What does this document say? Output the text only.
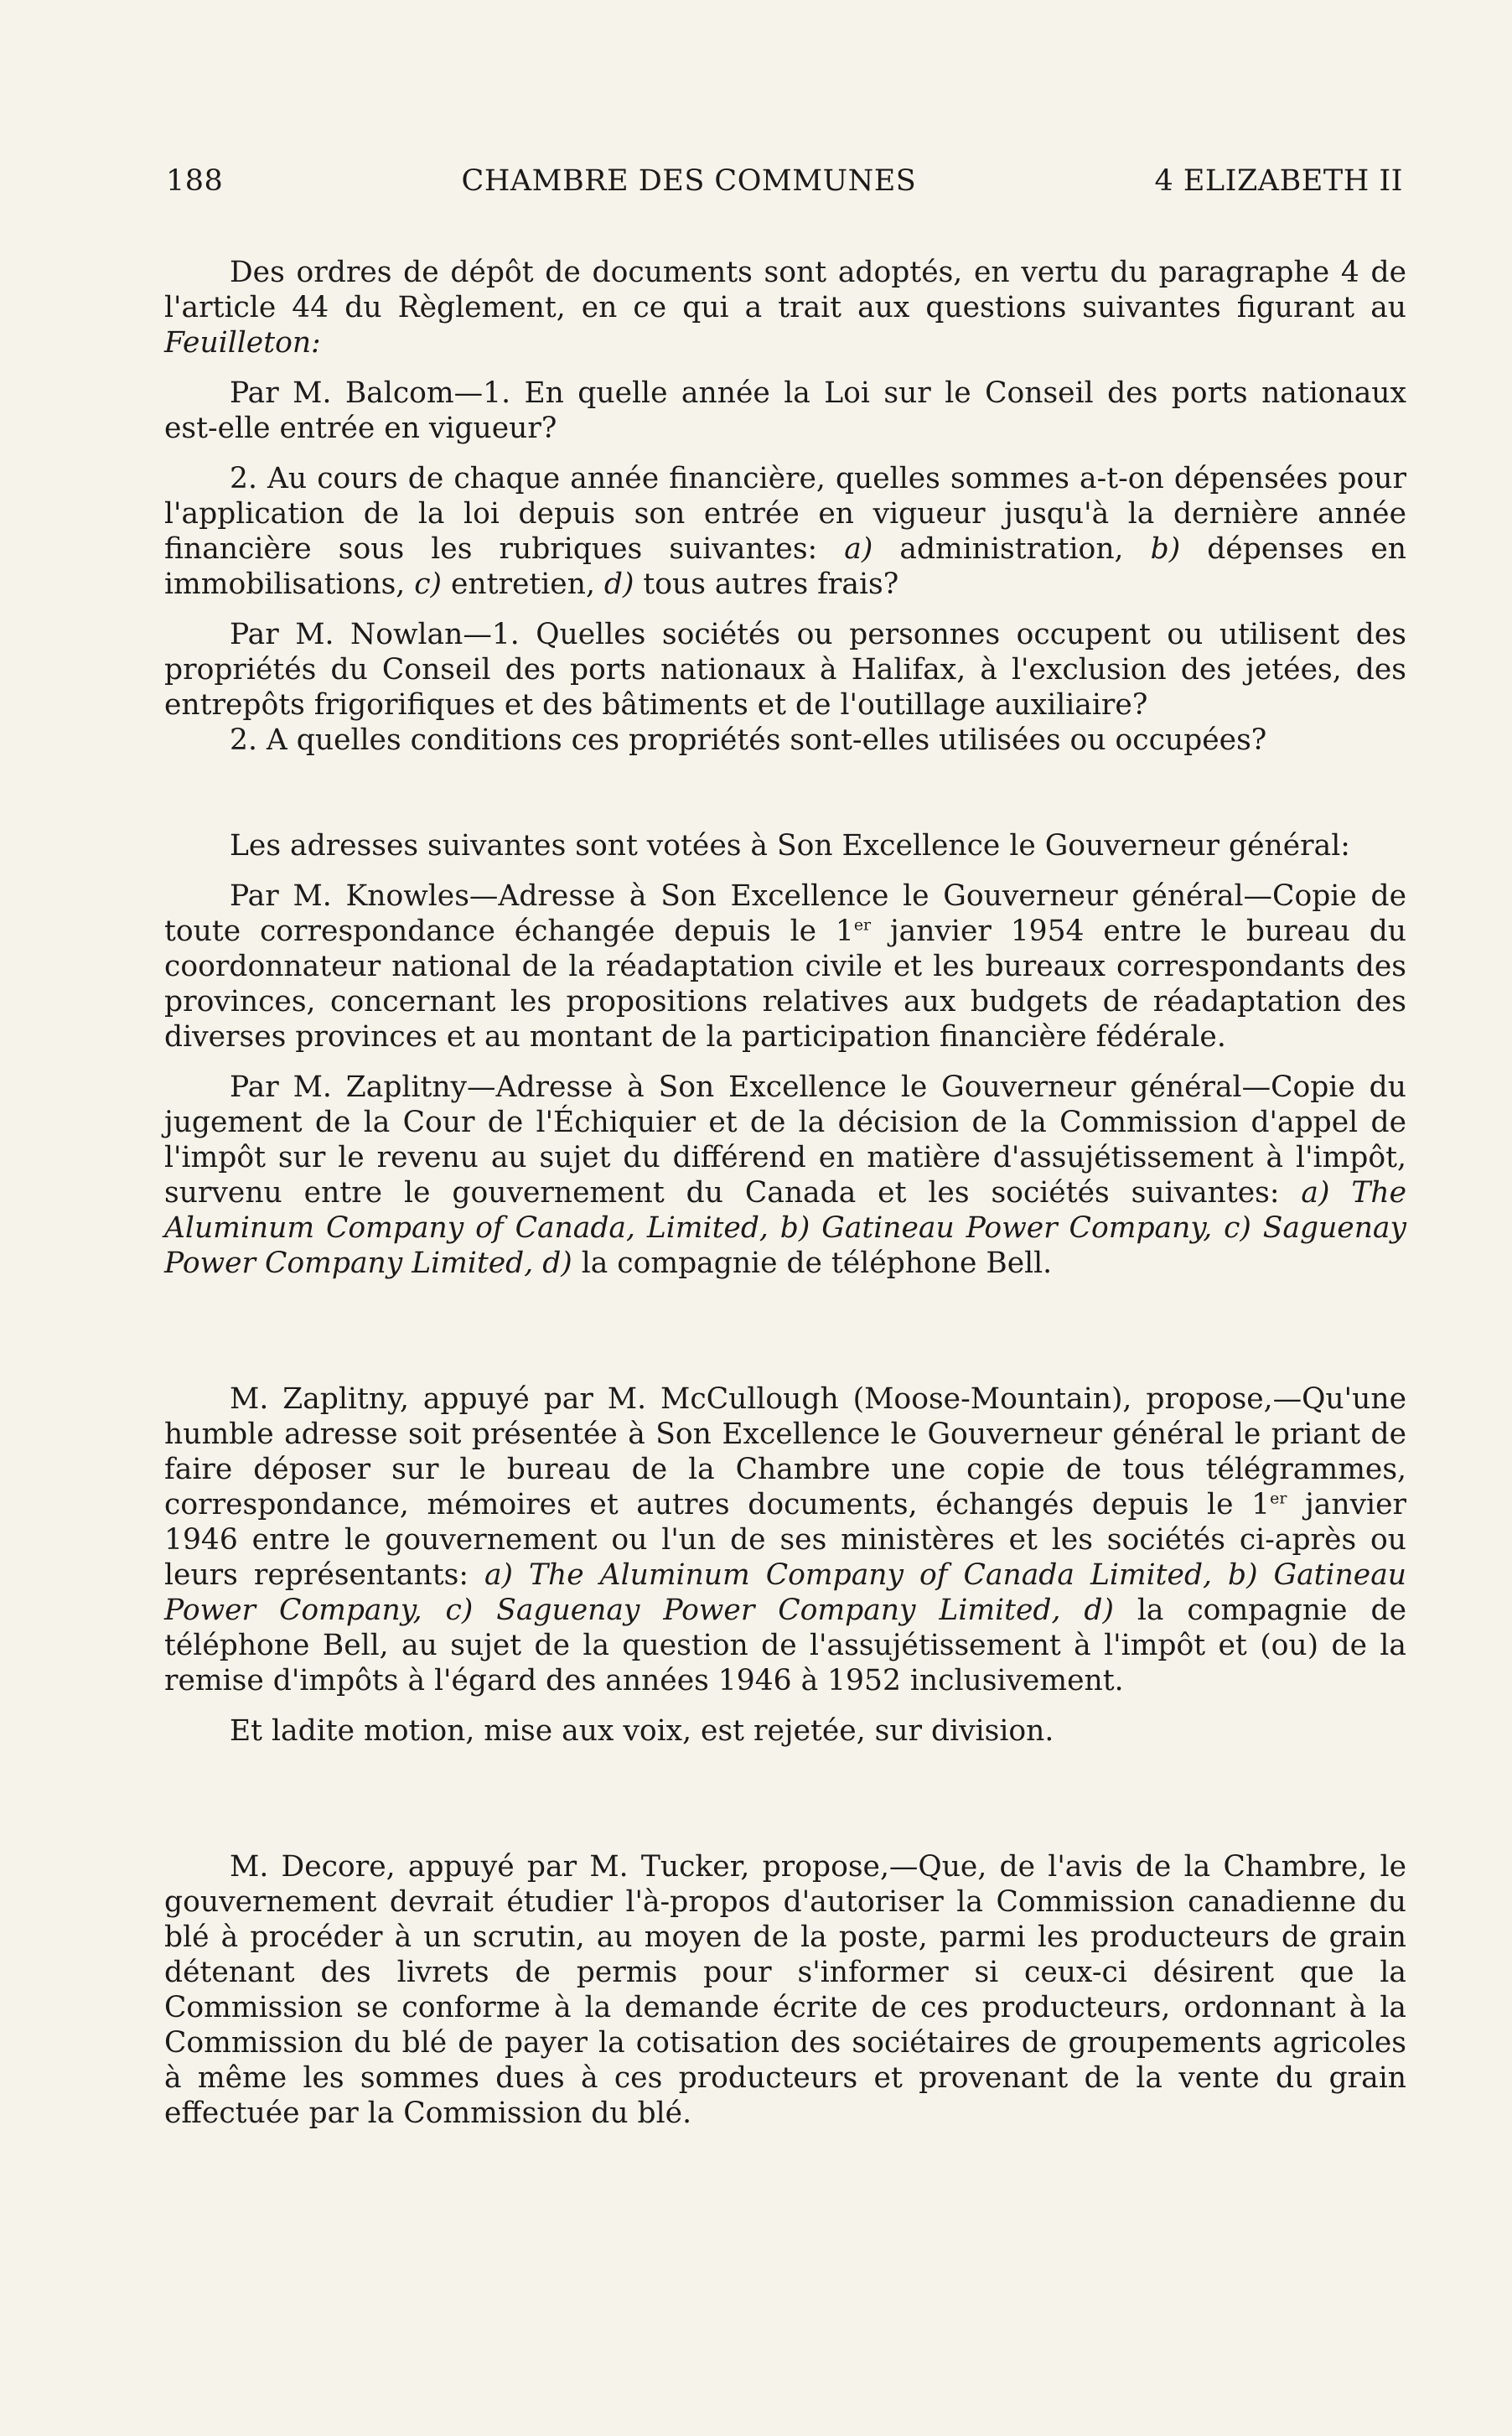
188	CHAMBRE DES COMMUNES	4 ELIZABETH II

Des ordres de dépôt de documents sont adoptés, en vertu du paragraphe 4 de l'article 44 du Règlement, en ce qui a trait aux questions suivantes figurant au Feuilleton:

Par M. Balcom—1. En quelle année la Loi sur le Conseil des ports nationaux est-elle entrée en vigueur?

2. Au cours de chaque année financière, quelles sommes a-t-on dépensées pour l'application de la loi depuis son entrée en vigueur jusqu'à la dernière année financière sous les rubriques suivantes: a) administration, b) dépenses en immobilisations, c) entretien, d) tous autres frais?

Par M. Nowlan—1. Quelles sociétés ou personnes occupent ou utilisent des propriétés du Conseil des ports nationaux à Halifax, à l'exclusion des jetées, des entrepôts frigorifiques et des bâtiments et de l'outillage auxiliaire?

2. A quelles conditions ces propriétés sont-elles utilisées ou occupées?

Les adresses suivantes sont votées à Son Excellence le Gouverneur général:

Par M. Knowles—Adresse à Son Excellence le Gouverneur général—Copie de toute correspondance échangée depuis le 1er janvier 1954 entre le bureau du coordonnateur national de la réadaptation civile et les bureaux correspondants des provinces, concernant les propositions relatives aux budgets de réadaptation des diverses provinces et au montant de la participation financière fédérale.

Par M. Zaplitny—Adresse à Son Excellence le Gouverneur général—Copie du jugement de la Cour de l'Échiquier et de la décision de la Commission d'appel de l'impôt sur le revenu au sujet du différend en matière d'assujétissement à l'impôt, survenu entre le gouvernement du Canada et les sociétés suivantes: a) The Aluminum Company of Canada, Limited, b) Gatineau Power Company, c) Saguenay Power Company Limited, d) la compagnie de téléphone Bell.

M. Zaplitny, appuyé par M. McCullough (Moose-Mountain), propose,—Qu'une humble adresse soit présentée à Son Excellence le Gouverneur général le priant de faire déposer sur le bureau de la Chambre une copie de tous télégrammes, correspondance, mémoires et autres documents, échangés depuis le 1er janvier 1946 entre le gouvernement ou l'un de ses ministères et les sociétés ci-après ou leurs représentants: a) The Aluminum Company of Canada Limited, b) Gatineau Power Company, c) Saguenay Power Company Limited, d) la compagnie de téléphone Bell, au sujet de la question de l'assujétissement à l'impôt et (ou) de la remise d'impôts à l'égard des années 1946 à 1952 inclusivement.

Et ladite motion, mise aux voix, est rejetée, sur division.

M. Decore, appuyé par M. Tucker, propose,—Que, de l'avis de la Chambre, le gouvernement devrait étudier l'à-propos d'autoriser la Commission canadienne du blé à procéder à un scrutin, au moyen de la poste, parmi les producteurs de grain détenant des livrets de permis pour s'informer si ceux-ci désirent que la Commission se conforme à la demande écrite de ces producteurs, ordonnant à la Commission du blé de payer la cotisation des sociétaires de groupements agricoles à même les sommes dues à ces producteurs et provenant de la vente du grain effectuée par la Commission du blé.
